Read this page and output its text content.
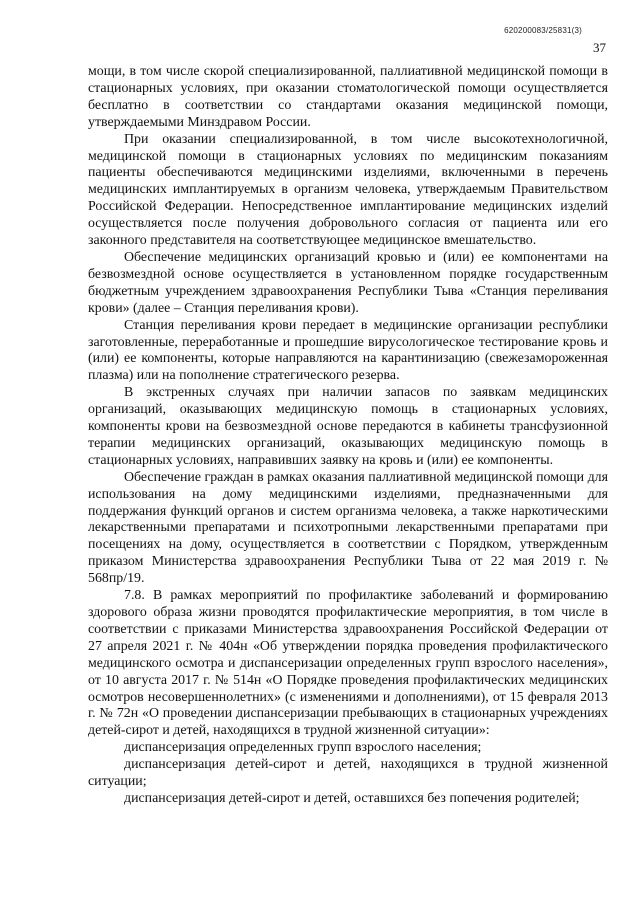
620200083/25831(3)
37

мощи, в том числе скорой специализированной, паллиативной медицинской помощи в стационарных условиях, при оказании стоматологической помощи осуществляется бесплатно в соответствии со стандартами оказания медицинской помощи, утверждаемыми Минздравом России.

При оказании специализированной, в том числе высокотехнологичной, медицинской помощи в стационарных условиях по медицинским показаниям пациенты обеспечиваются медицинскими изделиями, включенными в перечень медицинских имплантируемых в организм человека, утверждаемым Правительством Российской Федерации. Непосредственное имплантирование медицинских изделий осуществляется после получения добровольного согласия от пациента или его законного представителя на соответствующее медицинское вмешательство.

Обеспечение медицинских организаций кровью и (или) ее компонентами на безвозмездной основе осуществляется в установленном порядке государственным бюджетным учреждением здравоохранения Республики Тыва «Станция переливания крови» (далее – Станция переливания крови).

Станция переливания крови передает в медицинские организации республики заготовленные, переработанные и прошедшие вирусологическое тестирование кровь и (или) ее компоненты, которые направляются на карантинизацию (свежезамороженная плазма) или на пополнение стратегического резерва.

В экстренных случаях при наличии запасов по заявкам медицинских организаций, оказывающих медицинскую помощь в стационарных условиях, компоненты крови на безвозмездной основе передаются в кабинеты трансфузионной терапии медицинских организаций, оказывающих медицинскую помощь в стационарных условиях, направивших заявку на кровь и (или) ее компоненты.

Обеспечение граждан в рамках оказания паллиативной медицинской помощи для использования на дому медицинскими изделиями, предназначенными для поддержания функций органов и систем организма человека, а также наркотическими лекарственными препаратами и психотропными лекарственными препаратами при посещениях на дому, осуществляется в соответствии с Порядком, утвержденным приказом Министерства здравоохранения Республики Тыва от 22 мая 2019 г. № 568пр/19.

7.8. В рамках мероприятий по профилактике заболеваний и формированию здорового образа жизни проводятся профилактические мероприятия, в том числе в соответствии с приказами Министерства здравоохранения Российской Федерации от 27 апреля 2021 г. № 404н «Об утверждении порядка проведения профилактического медицинского осмотра и диспансеризации определенных групп взрослого населения», от 10 августа 2017 г. № 514н «О Порядке проведения профилактических медицинских осмотров несовершеннолетних» (с изменениями и дополнениями), от 15 февраля 2013 г. № 72н «О проведении диспансеризации пребывающих в стационарных учреждениях детей-сирот и детей, находящихся в трудной жизненной ситуации»:

диспансеризация определенных групп взрослого населения;

диспансеризация детей-сирот и детей, находящихся в трудной жизненной ситуации;

диспансеризация детей-сирот и детей, оставшихся без попечения родителей;
